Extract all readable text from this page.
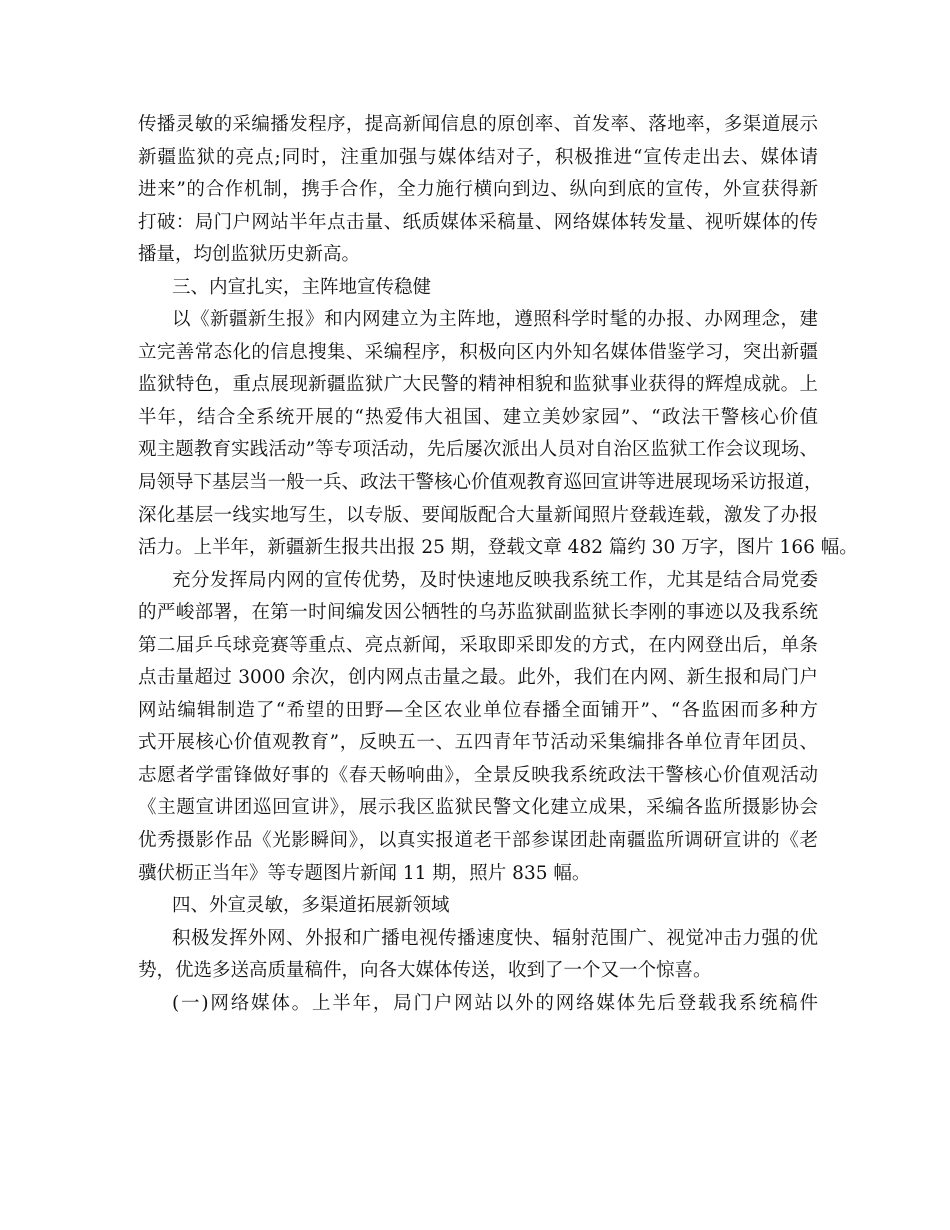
传播灵敏的采编播发程序，提高新闻信息的原创率、首发率、落地率，多渠道展示
新疆监狱的亮点;同时，注重加强与媒体结对子，积极推进“宣传走出去、媒体请
进来”的合作机制，携手合作，全力施行横向到边、纵向到底的宣传，外宣获得新
打破：局门户网站半年点击量、纸质媒体采稿量、网络媒体转发量、视听媒体的传
播量，均创监狱历史新高。
三、内宣扎实，主阵地宣传稳健
以《新疆新生报》和内网建立为主阵地，遵照科学时髦的办报、办网理念，建
立完善常态化的信息搜集、采编程序，积极向区内外知名媒体借鉴学习，突出新疆
监狱特色，重点展现新疆监狱广大民警的精神相貌和监狱事业获得的辉煌成就。上
半年，结合全系统开展的“热爱伟大祖国、建立美妙家园”、“政法干警核心价值
观主题教育实践活动”等专项活动，先后屡次派出人员对自治区监狱工作会议现场、
局领导下基层当一般一兵、政法干警核心价值观教育巡回宣讲等进展现场采访报道，
深化基层一线实地写生，以专版、要闻版配合大量新闻照片登载连载，激发了办报
活力。上半年，新疆新生报共出报 25 期，登载文章 482 篇约 30 万字，图片 166 幅。
充分发挥局内网的宣传优势，及时快速地反映我系统工作，尤其是结合局党委
的严峻部署，在第一时间编发因公牺牲的乌苏监狱副监狱长李刚的事迹以及我系统
第二届乒乓球竞赛等重点、亮点新闻，采取即采即发的方式，在内网登出后，单条
点击量超过 3000 余次，创内网点击量之最。此外，我们在内网、新生报和局门户
网站编辑制造了“希望的田野—全区农业单位春播全面铺开”、“各监困而多种方
式开展核心价值观教育”，反映五一、五四青年节活动采集编排各单位青年团员、
志愿者学雷锋做好事的《春天畅响曲》，全景反映我系统政法干警核心价值观活动
《主题宣讲团巡回宣讲》，展示我区监狱民警文化建立成果，采编各监所摄影协会
优秀摄影作品《光影瞬间》，以真实报道老干部参谋团赴南疆监所调研宣讲的《老
骥伏枥正当年》等专题图片新闻 11 期，照片 835 幅。
四、外宣灵敏，多渠道拓展新领域
积极发挥外网、外报和广播电视传播速度快、辐射范围广、视觉冲击力强的优
势，优选多送高质量稿件，向各大媒体传送，收到了一个又一个惊喜。
(一)网络媒体。上半年，局门户网站以外的网络媒体先后登载我系统稿件
